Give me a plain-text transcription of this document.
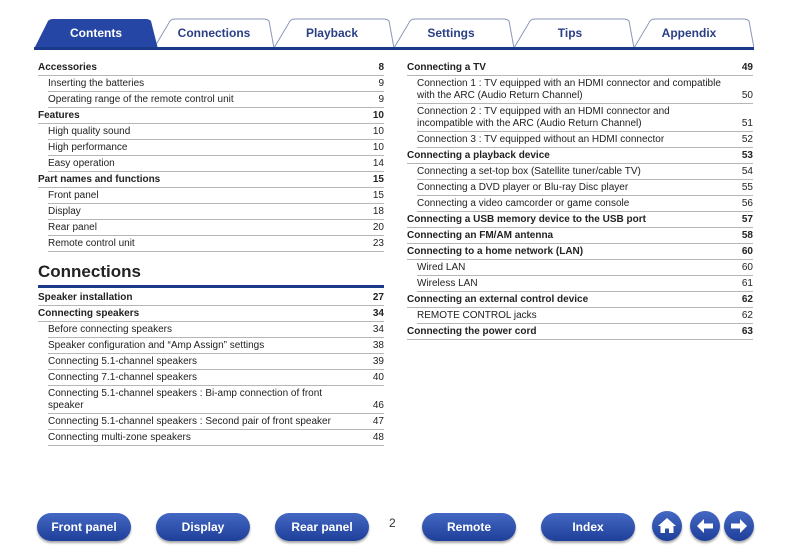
Contents	Connections	Playback	Settings	Tips	Appendix
Accessories	8
Inserting the batteries	9
Operating range of the remote control unit	9
Features	10
High quality sound	10
High performance	10
Easy operation	14
Part names and functions	15
Front panel	15
Display	18
Rear panel	20
Remote control unit	23
Connections
Speaker installation	27
Connecting speakers	34
Before connecting speakers	34
Speaker configuration and “Amp Assign” settings	38
Connecting 5.1-channel speakers	39
Connecting 7.1-channel speakers	40
Connecting 5.1-channel speakers : Bi-amp connection of front speaker	46
Connecting 5.1-channel speakers : Second pair of front speaker	47
Connecting multi-zone speakers	48
Connecting a TV	49
Connection 1 : TV equipped with an HDMI connector and compatible with the ARC (Audio Return Channel)	50
Connection 2 : TV equipped with an HDMI connector and incompatible with the ARC (Audio Return Channel)	51
Connection 3 : TV equipped without an HDMI connector	52
Connecting a playback device	53
Connecting a set-top box (Satellite tuner/cable TV)	54
Connecting a DVD player or Blu-ray Disc player	55
Connecting a video camcorder or game console	56
Connecting a USB memory device to the USB port	57
Connecting an FM/AM antenna	58
Connecting to a home network (LAN)	60
Wired LAN	60
Wireless LAN	61
Connecting an external control device	62
REMOTE CONTROL jacks	62
Connecting the power cord	63
Front panel	Display	Rear panel	2	Remote	Index
